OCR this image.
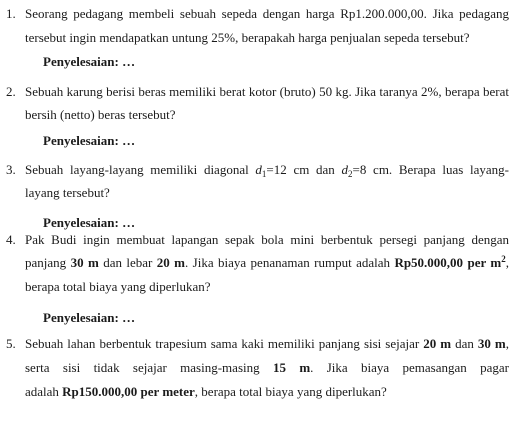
1. Seorang pedagang membeli sebuah sepeda dengan harga Rp1.200.000,00. Jika pedagang
tersebut ingin mendapatkan untung 25%, berapakah harga penjualan sepeda tersebut?
Penyelesaian: …
2. Sebuah karung berisi beras memiliki berat kotor (bruto) 50 kg. Jika taranya 2%, berapa berat
bersih (netto) beras tersebut?
Penyelesaian: …
3. Sebuah layang-layang memiliki diagonal $d_1=12$ cm dan $d_2=8$ cm. Berapa luas layang-
layang tersebut?
Penyelesaian: …
4. Pak Budi ingin membuat lapangan sepak bola mini berbentuk persegi panjang dengan
panjang 30 m dan lebar 20 m. Jika biaya penanaman rumput adalah Rp50.000,00 per $m^2$,
berapa total biaya yang diperlukan?
Penyelesaian: …
5. Sebuah lahan berbentuk trapesium sama kaki memiliki panjang sisi sejajar 20 m dan 30 m,
serta sisi tidak sejajar masing-masing 15 m. Jika biaya pemasangan pagar
adalah Rp150.000,00 per meter, berapa total biaya yang diperlukan?
